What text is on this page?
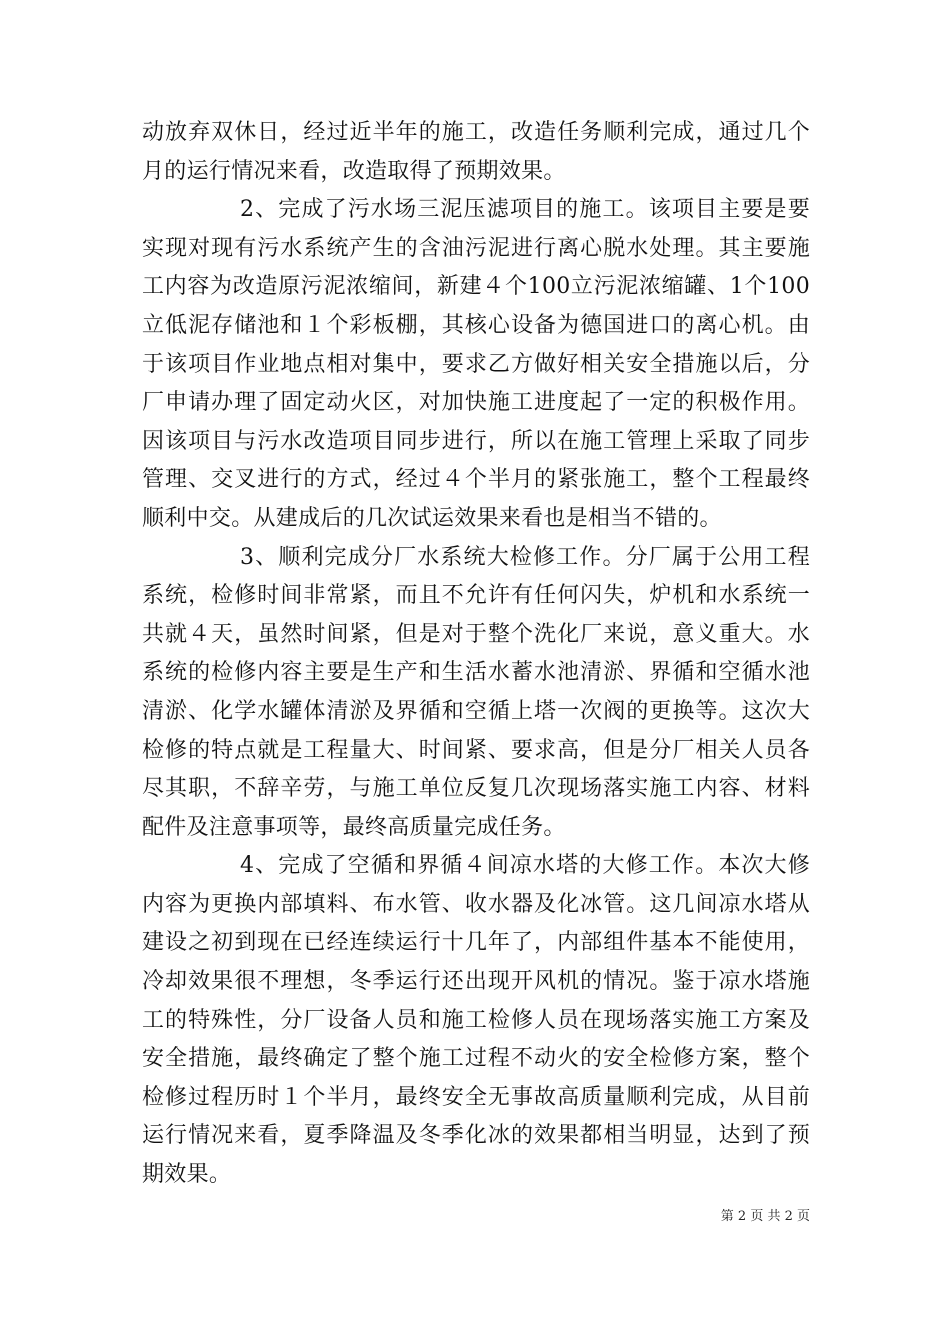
动放弃双休日，经过近半年的施工，改造任务顺利完成，通过几个月的运行情况来看，改造取得了预期效果。

2、完成了污水场三泥压滤项目的施工。该项目主要是要实现对现有污水系统产生的含油污泥进行离心脱水处理。其主要施工内容为改造原污泥浓缩间，新建４个100立污泥浓缩罐、1个100立低泥存储池和１个彩板棚，其核心设备为德国进口的离心机。由于该项目作业地点相对集中，要求乙方做好相关安全措施以后，分厂申请办理了固定动火区，对加快施工进度起了一定的积极作用。因该项目与污水改造项目同步进行，所以在施工管理上采取了同步管理、交叉进行的方式，经过４个半月的紧张施工，整个工程最终顺利中交。从建成后的几次试运效果来看也是相当不错的。

3、顺利完成分厂水系统大检修工作。分厂属于公用工程系统，检修时间非常紧，而且不允许有任何闪失，炉机和水系统一共就４天，虽然时间紧，但是对于整个洗化厂来说，意义重大。水系统的检修内容主要是生产和生活水蓄水池清淤、界循和空循水池清淤、化学水罐体清淤及界循和空循上塔一次阀的更换等。这次大检修的特点就是工程量大、时间紧、要求高，但是分厂相关人员各尽其职，不辞辛劳，与施工单位反复几次现场落实施工内容、材料配件及注意事项等，最终高质量完成任务。

4、完成了空循和界循４间凉水塔的大修工作。本次大修内容为更换内部填料、布水管、收水器及化冰管。这几间凉水塔从建设之初到现在已经连续运行十几年了，内部组件基本不能使用，冷却效果很不理想，冬季运行还出现开风机的情况。鉴于凉水塔施工的特殊性，分厂设备人员和施工检修人员在现场落实施工方案及安全措施，最终确定了整个施工过程不动火的安全检修方案，整个检修过程历时１个半月，最终安全无事故高质量顺利完成，从目前运行情况来看，夏季降温及冬季化冰的效果都相当明显，达到了预期效果。

第 2 页 共 2 页
